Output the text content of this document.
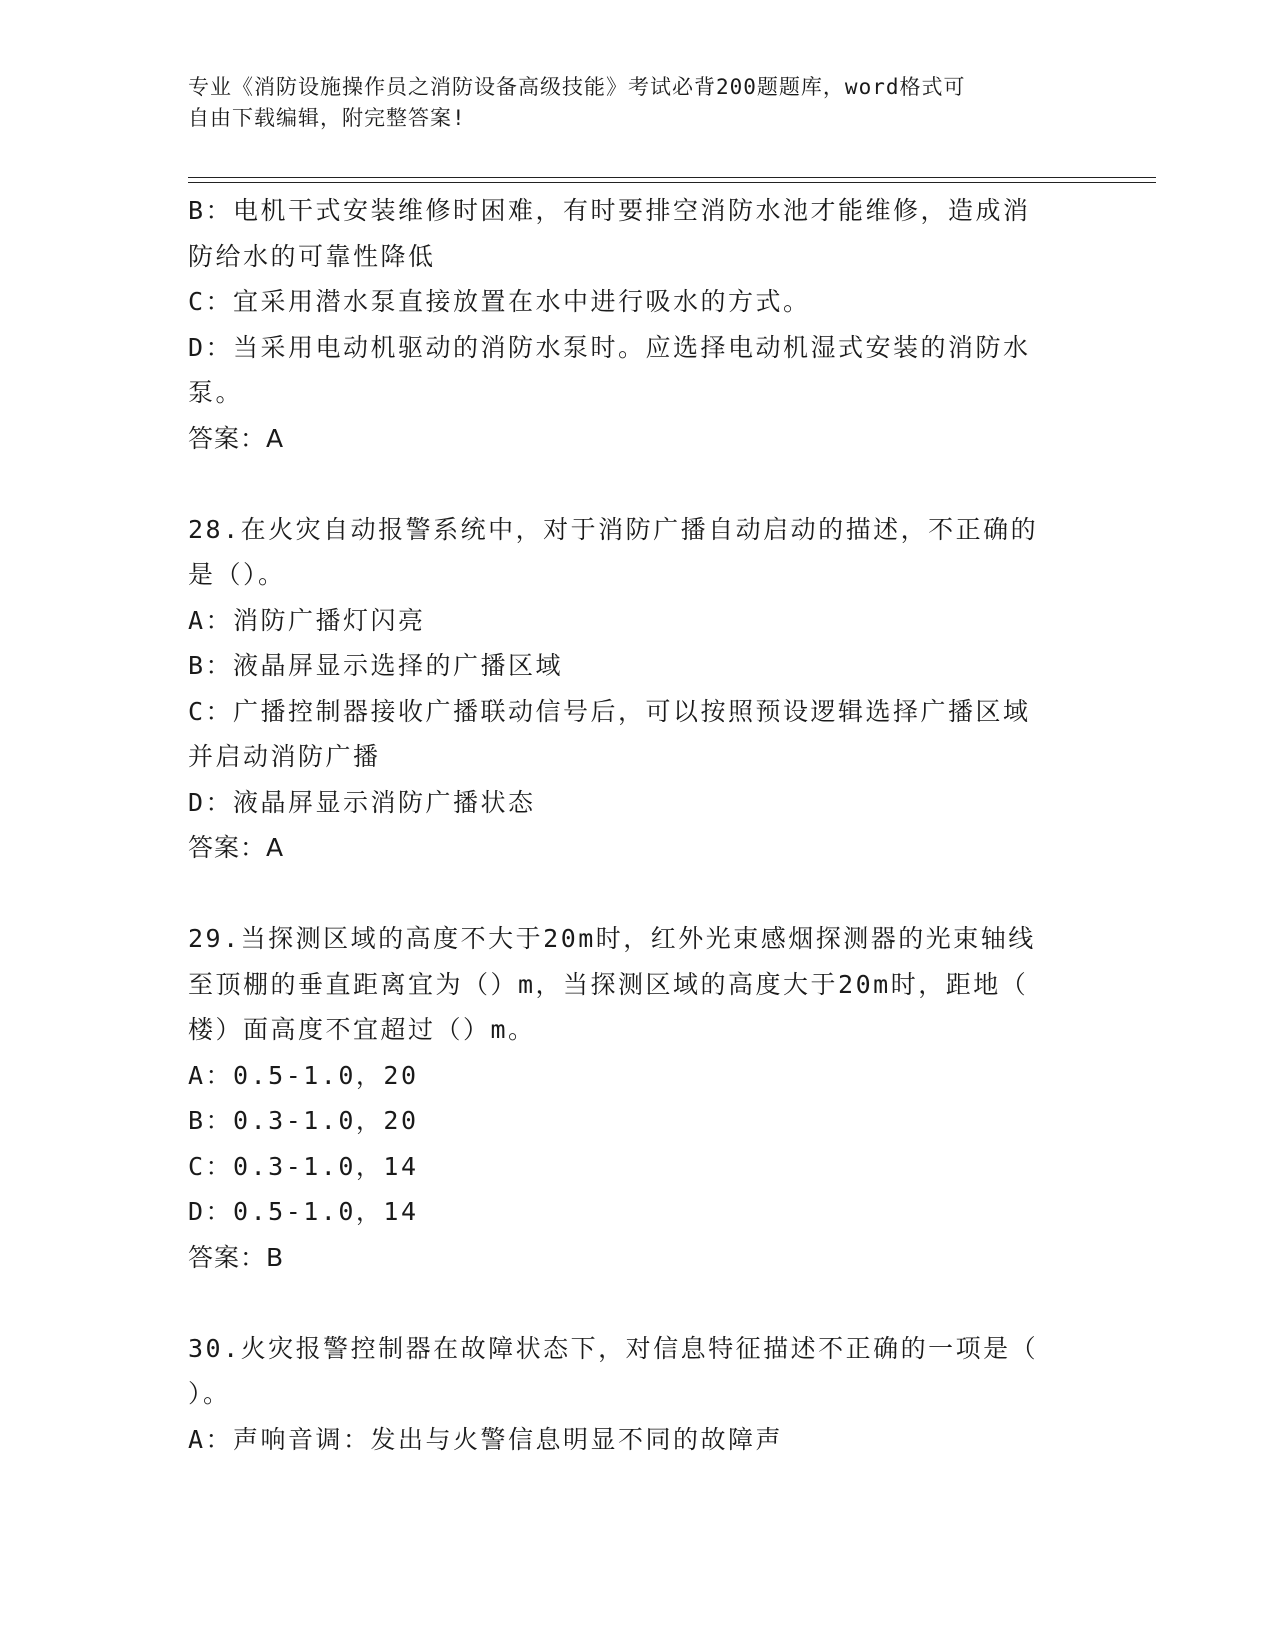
专业《消防设施操作员之消防设备高级技能》考试必背200题题库，word格式可

自由下载编辑，附完整答案!

B：电机干式安装维修时困难，有时要排空消防水池才能维修，造成消

防给水的可靠性降低

C：宜采用潜水泵直接放置在水中进行吸水的方式。

D：当采用电动机驱动的消防水泵时。应选择电动机湿式安装的消防水

泵。

答案：A

28.在火灾自动报警系统中，对于消防广播自动启动的描述，不正确的

是（）。

A：消防广播灯闪亮

B：液晶屏显示选择的广播区域

C：广播控制器接收广播联动信号后，可以按照预设逻辑选择广播区域

并启动消防广播

D：液晶屏显示消防广播状态

答案：A

29.当探测区域的高度不大于20m时，红外光束感烟探测器的光束轴线

至顶棚的垂直距离宜为（）m，当探测区域的高度大于20m时，距地（

楼）面高度不宜超过（）m。

A：0.5-1.0，20

B：0.3-1.0，20

C：0.3-1.0，14

D：0.5-1.0，14

答案：B

30.火灾报警控制器在故障状态下，对信息特征描述不正确的一项是（

）。

A：声响音调：发出与火警信息明显不同的故障声
